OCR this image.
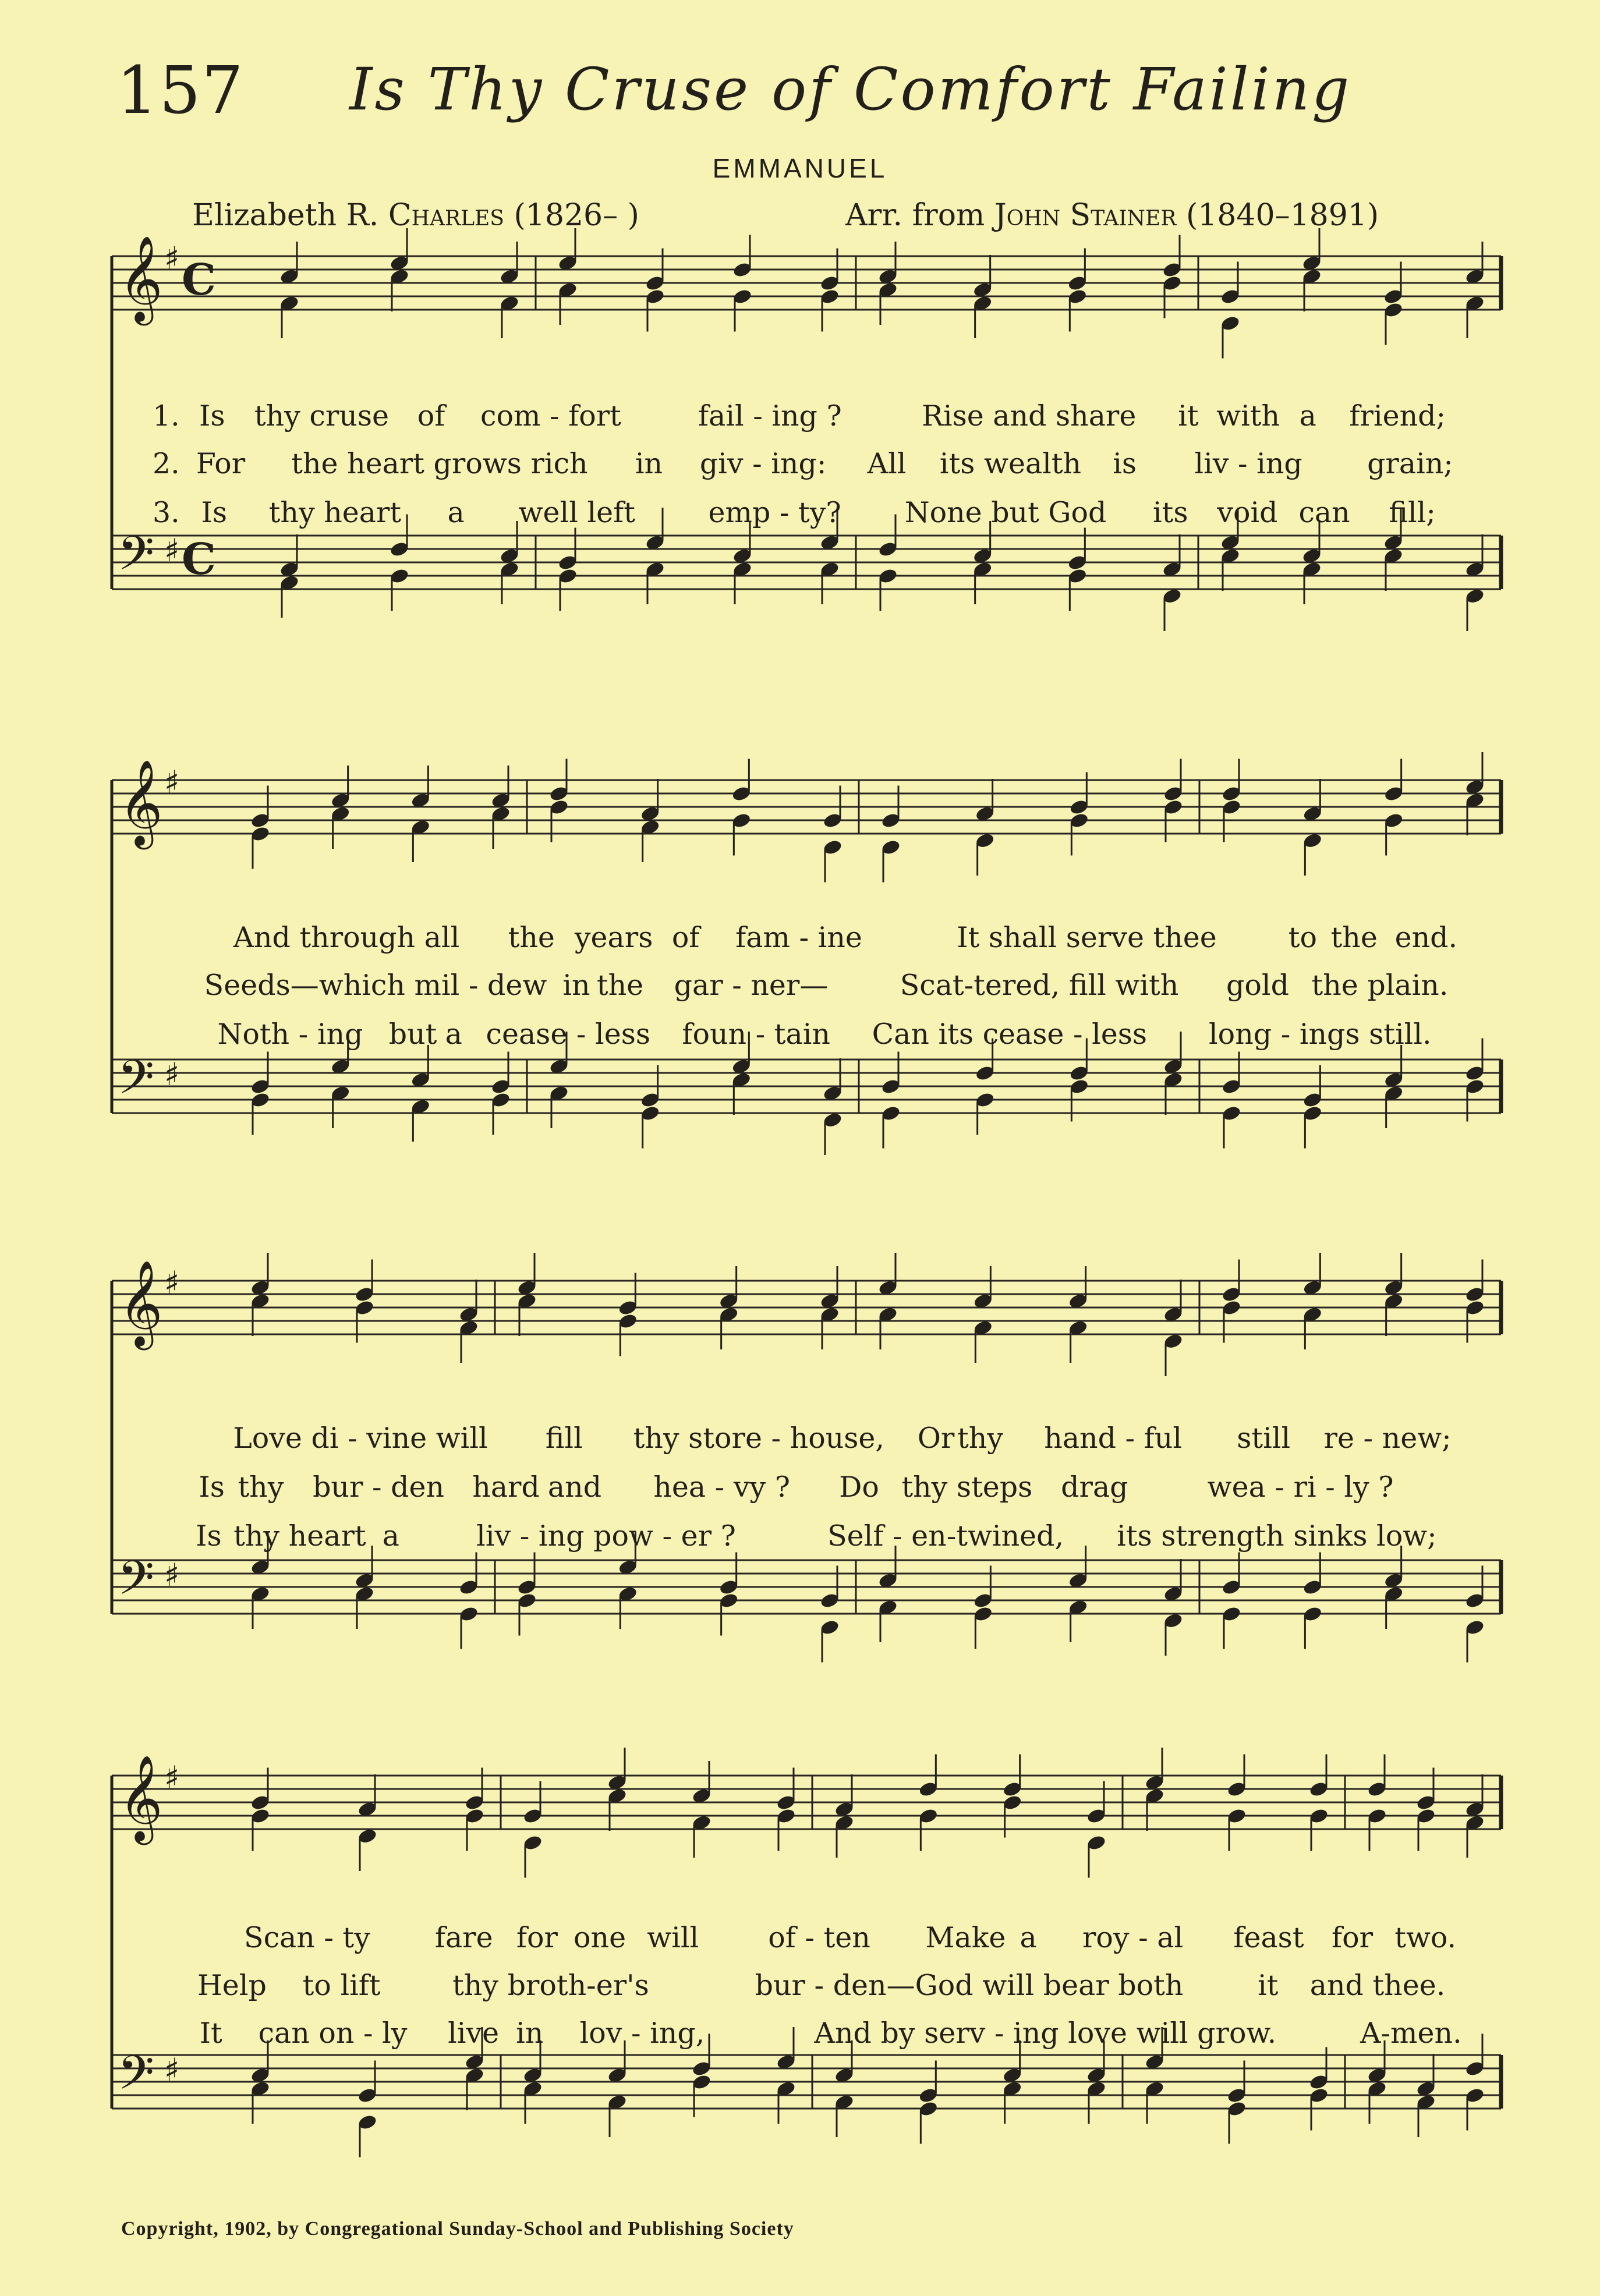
157 Is Thy Cruse of Comfort Failing
EMMANUEL
Elizabeth R. Charles (1826– )	Arr. from John Stainer (1840–1891)
𝄞 ♯ C
𝄢 ♯ C
𝄞 ♯
𝄢 ♯
𝄞 ♯
𝄢 ♯
𝄞 ♯
𝄢 ♯
1. Is thy cruse of com - fort	fail - ing ?	Rise and share it with a friend;
2. For the heart grows rich in giv - ing: All its wealth is liv - ing grain;
3. Is thy heart a well left	emp - ty? None but God its void can fill;
And through all the years of fam - ine	It shall serve thee	to the end.
Seeds—which mil - dew in the gar - ner—	Scat-tered, fill with gold the plain.
Noth - ing but a cease - less foun - tain Can its cease - less long - ings still.
Love di - vine will fill thy store - house, Or thy hand - ful still re - new;
Is thy bur - den hard and hea - vy ? Do thy steps drag	wea - ri - ly ?
Is thy heart a	liv - ing pow - er ?	Self - en-twined, its strength sinks low;
Scan - ty fare for one will of - ten Make a roy - al feast for two.
Help to lift	thy broth-er's	bur - den—God will bear both	it and thee.
It can on - ly live in lov - ing,	And by serv - ing love will grow.	A-men.
Copyright, 1902, by Congregational Sunday-School and Publishing Society
